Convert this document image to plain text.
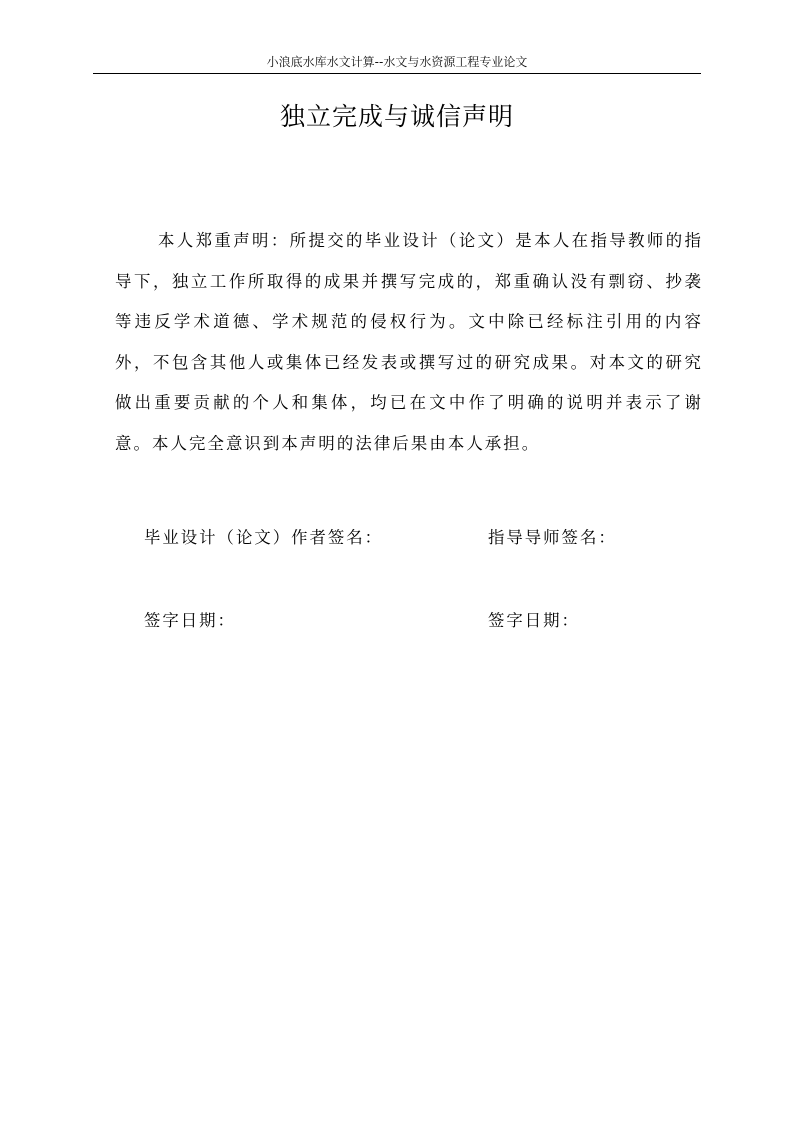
小浪底水库水文计算--水文与水资源工程专业论文
独立完成与诚信声明

本人郑重声明：所提交的毕业设计（论文）是本人在指导教师的指导下，独立工作所取得的成果并撰写完成的，郑重确认没有剽窃、抄袭等违反学术道德、学术规范的侵权行为。文中除已经标注引用的内容外，不包含其他人或集体已经发表或撰写过的研究成果。对本文的研究做出重要贡献的个人和集体，均已在文中作了明确的说明并表示了谢意。本人完全意识到本声明的法律后果由本人承担。

毕业设计（论文）作者签名：	指导导师签名：
签字日期：	签字日期：
